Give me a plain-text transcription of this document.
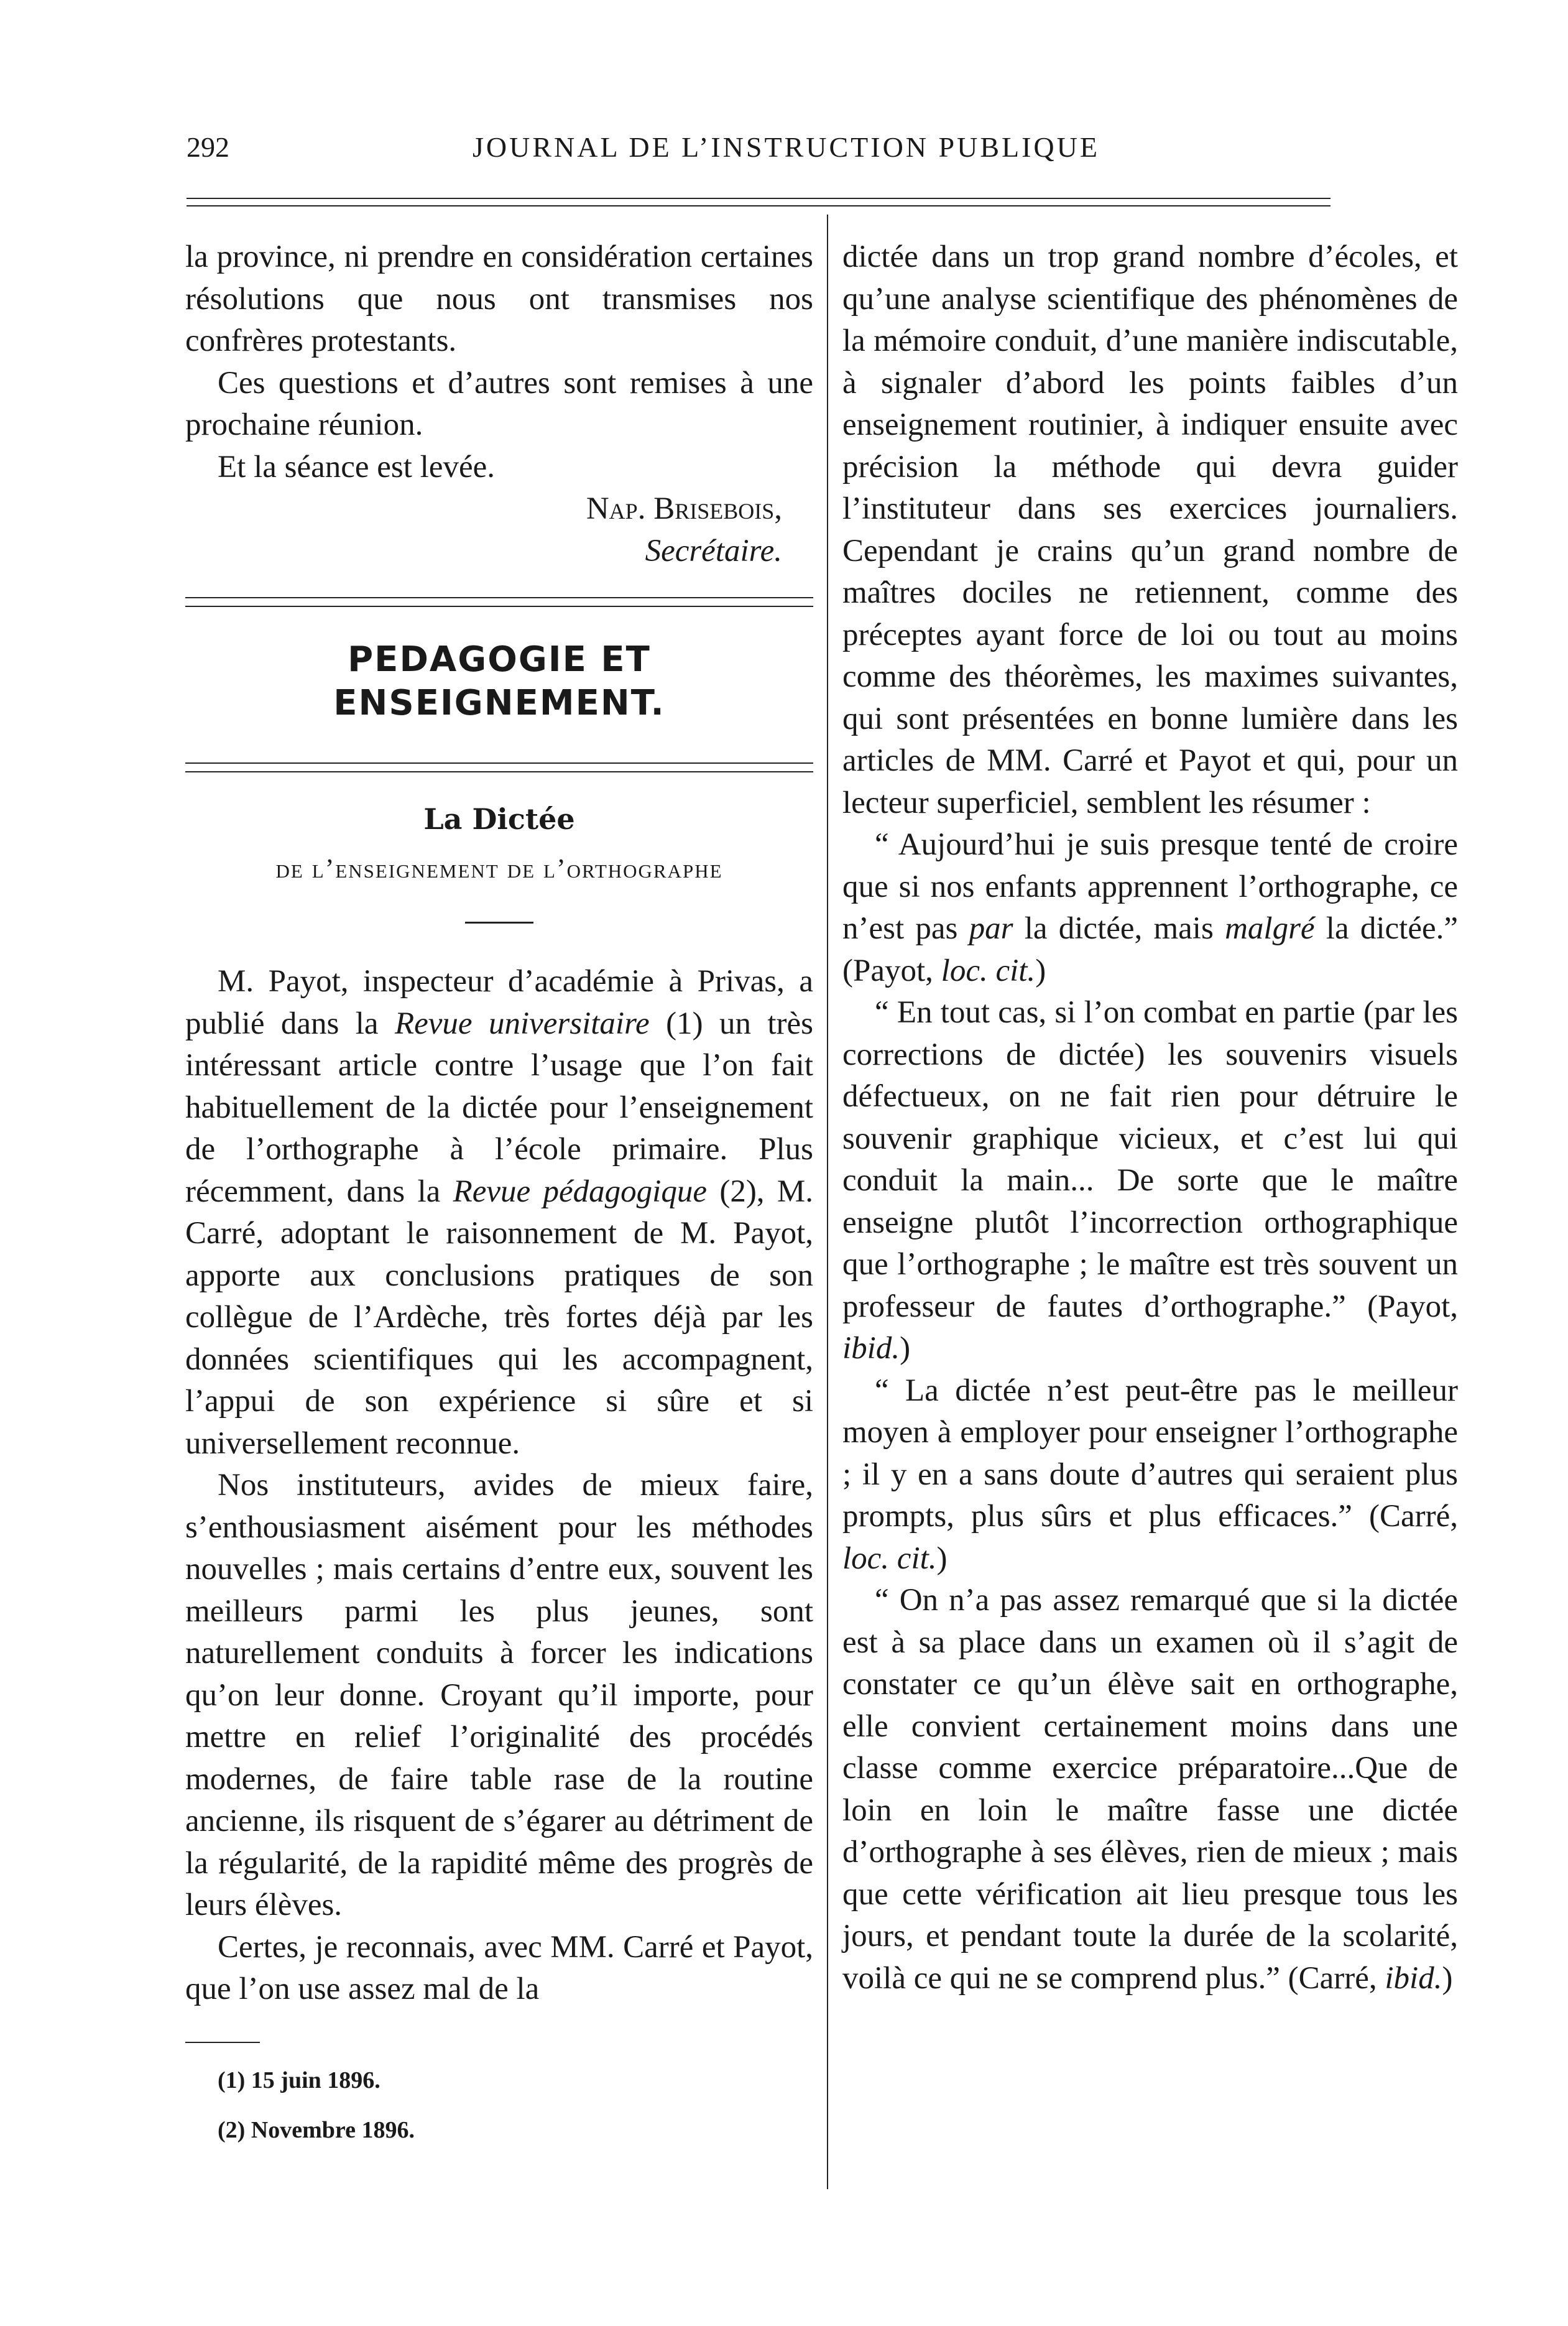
292	JOURNAL DE L’INSTRUCTION PUBLIQUE

la province, ni prendre en considération certaines résolutions que nous ont transmises nos confrères protestants.

Ces questions et d’autres sont remises à une prochaine réunion.

Et la séance est levée.

Nap. Brisebois,

Secrétaire.

PEDAGOGIE ET ENSEIGNEMENT.
La Dictée
de l’enseignement de l’orthographe

M. Payot, inspecteur d’académie à Privas, a publié dans la Revue universitaire (1) un très intéressant article contre l’usage que l’on fait habituellement de la dictée pour l’enseignement de l’orthographe à l’école primaire. Plus récemment, dans la Revue pédagogique (2), M. Carré, adoptant le raisonnement de M. Payot, apporte aux conclusions pratiques de son collègue de l’Ardèche, très fortes déjà par les données scientifiques qui les accompagnent, l’appui de son expérience si sûre et si universellement reconnue.

Nos instituteurs, avides de mieux faire, s’enthousiasment aisément pour les méthodes nouvelles ; mais certains d’entre eux, souvent les meilleurs parmi les plus jeunes, sont naturellement conduits à forcer les indications qu’on leur donne. Croyant qu’il importe, pour mettre en relief l’originalité des procédés modernes, de faire table rase de la routine ancienne, ils risquent de s’égarer au détriment de la régularité, de la rapidité même des progrès de leurs élèves.

Certes, je reconnais, avec MM. Carré et Payot, que l’on use assez mal de la

(1) 15 juin 1896.
(2) Novembre 1896.

dictée dans un trop grand nombre d’écoles, et qu’une analyse scientifique des phénomènes de la mémoire conduit, d’une manière indiscutable, à signaler d’abord les points faibles d’un enseignement routinier, à indiquer ensuite avec précision la méthode qui devra guider l’instituteur dans ses exercices journaliers. Cependant je crains qu’un grand nombre de maîtres dociles ne retiennent, comme des préceptes ayant force de loi ou tout au moins comme des théorèmes, les maximes suivantes, qui sont présentées en bonne lumière dans les articles de MM. Carré et Payot et qui, pour un lecteur superficiel, semblent les résumer :

“ Aujourd’hui je suis presque tenté de croire que si nos enfants apprennent l’orthographe, ce n’est pas par la dictée, mais malgré la dictée.” (Payot, loc. cit.)

“ En tout cas, si l’on combat en partie (par les corrections de dictée) les souvenirs visuels défectueux, on ne fait rien pour détruire le souvenir graphique vicieux, et c’est lui qui conduit la main... De sorte que le maître enseigne plutôt l’incorrection orthographique que l’orthographe ; le maître est très souvent un professeur de fautes d’orthographe.” (Payot, ibid.)

“ La dictée n’est peut-être pas le meilleur moyen à employer pour enseigner l’orthographe ; il y en a sans doute d’autres qui seraient plus prompts, plus sûrs et plus efficaces.” (Carré, loc. cit.)

“ On n’a pas assez remarqué que si la dictée est à sa place dans un examen où il s’agit de constater ce qu’un élève sait en orthographe, elle convient certainement moins dans une classe comme exercice préparatoire...Que de loin en loin le maître fasse une dictée d’orthographe à ses élèves, rien de mieux ; mais que cette vérification ait lieu presque tous les jours, et pendant toute la durée de la scolarité, voilà ce qui ne se comprend plus.” (Carré, ibid.)
